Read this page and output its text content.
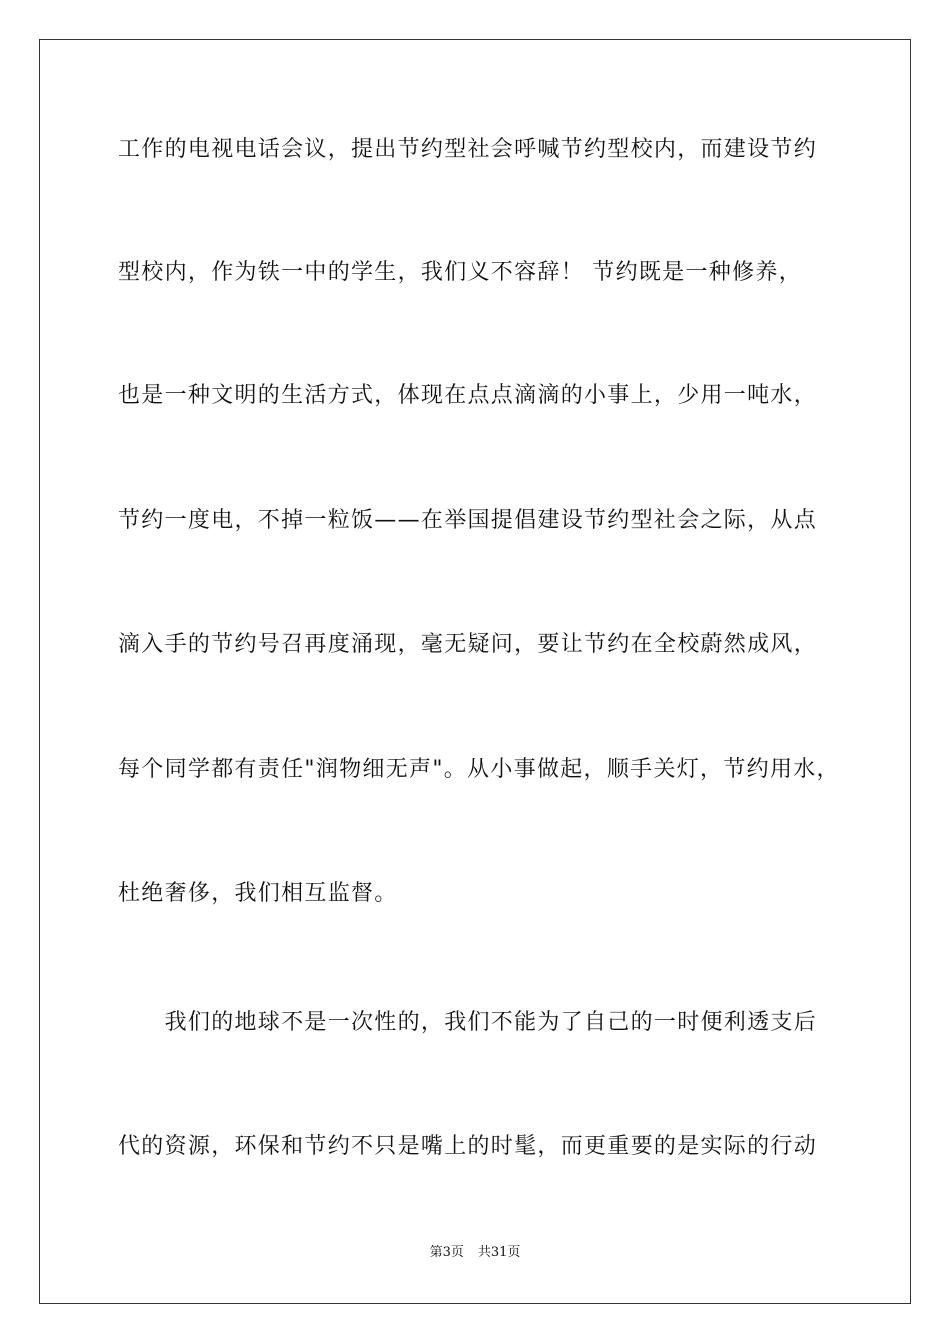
工作的电视电话会议，提出节约型社会呼喊节约型校内，而建设节约
型校内，作为铁一中的学生，我们义不容辞！ 节约既是一种修养，
也是一种文明的生活方式，体现在点点滴滴的小事上，少用一吨水，
节约一度电，不掉一粒饭——在举国提倡建设节约型社会之际，从点
滴入手的节约号召再度涌现，毫无疑问，要让节约在全校蔚然成风，
每个同学都有责任"润物细无声"。从小事做起，顺手关灯，节约用水，
杜绝奢侈，我们相互监督。
　　我们的地球不是一次性的，我们不能为了自己的一时便利透支后
代的资源，环保和节约不只是嘴上的时髦，而更重要的是实际的行动
第3页 共31页
